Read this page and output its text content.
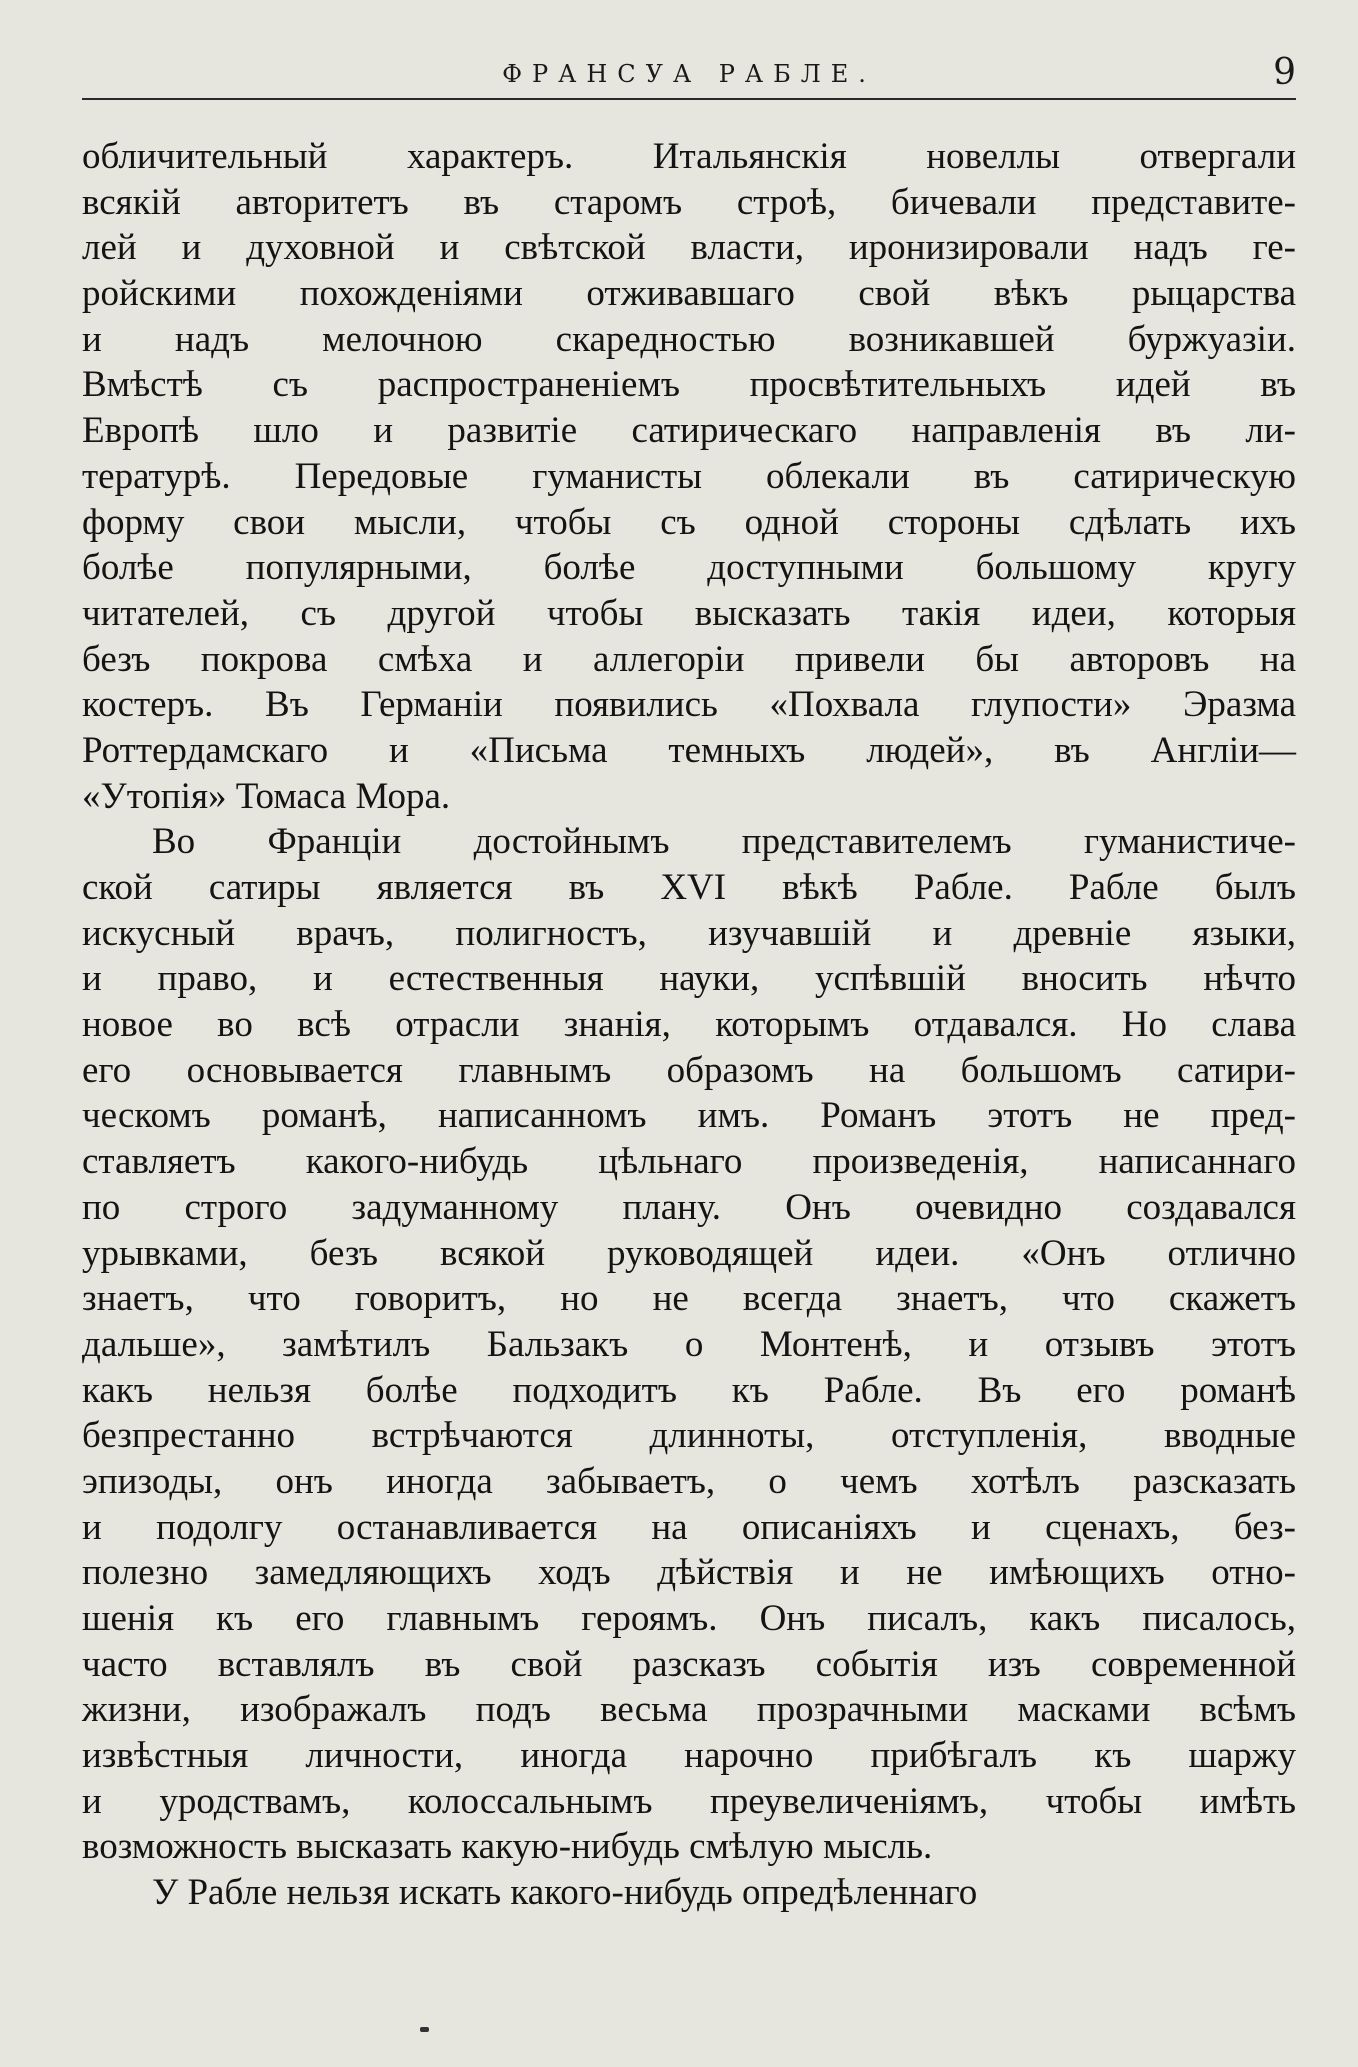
ФРАНСУА РАБЛЕ.	9
обличительный характеръ. Итальянскія новеллы отвергали
всякій авторитетъ въ старомъ строѣ, бичевали представите-
лей и духовной и свѣтской власти, иронизировали надъ ге-
ройскими похожденіями отживавшаго свой вѣкъ рыцарства
и надъ мелочною скаредностью возникавшей буржуазіи.
Вмѣстѣ съ распространеніемъ просвѣтительныхъ идей въ
Европѣ шло и развитіе сатирическаго направленія въ ли-
тературѣ. Передовые гуманисты облекали въ сатирическую
форму свои мысли, чтобы съ одной стороны сдѣлать ихъ
болѣе популярными, болѣе доступными большому кругу
читателей, съ другой чтобы высказать такія идеи, которыя
безъ покрова смѣха и аллегоріи привели бы авторовъ на
костеръ. Въ Германіи появились «Похвала глупости» Эразма
Роттердамскаго и «Письма темныхъ людей», въ Англіи—
«Утопія» Томаса Мора.
Во Франціи достойнымъ представителемъ гуманистиче-
ской сатиры является въ XVI вѣкѣ Рабле. Рабле былъ
искусный врачъ, полигностъ, изучавшій и древніе языки,
и право, и естественныя науки, успѣвшій вносить нѣчто
новое во всѣ отрасли знанія, которымъ отдавался. Но слава
его основывается главнымъ образомъ на большомъ сатири-
ческомъ романѣ, написанномъ имъ. Романъ этотъ не пред-
ставляетъ какого-нибудь цѣльнаго произведенія, написаннаго
по строго задуманному плану. Онъ очевидно создавался
урывками, безъ всякой руководящей идеи. «Онъ отлично
знаетъ, что говоритъ, но не всегда знаетъ, что скажетъ
дальше», замѣтилъ Бальзакъ о Монтенѣ, и отзывъ этотъ
какъ нельзя болѣе подходитъ къ Рабле. Въ его романѣ
безпрестанно встрѣчаются длинноты, отступленія, вводные
эпизоды, онъ иногда забываетъ, о чемъ хотѣлъ разсказать
и подолгу останавливается на описаніяхъ и сценахъ, без-
полезно замедляющихъ ходъ дѣйствія и не имѣющихъ отно-
шенія къ его главнымъ героямъ. Онъ писалъ, какъ писалось,
часто вставлялъ въ свой разсказъ событія изъ современной
жизни, изображалъ подъ весьма прозрачными масками всѣмъ
извѣстныя личности, иногда нарочно прибѣгалъ къ шаржу
и уродствамъ, колоссальнымъ преувеличеніямъ, чтобы имѣть
возможность высказать какую-нибудь смѣлую мысль.
У Рабле нельзя искать какого-нибудь опредѣленнаго
